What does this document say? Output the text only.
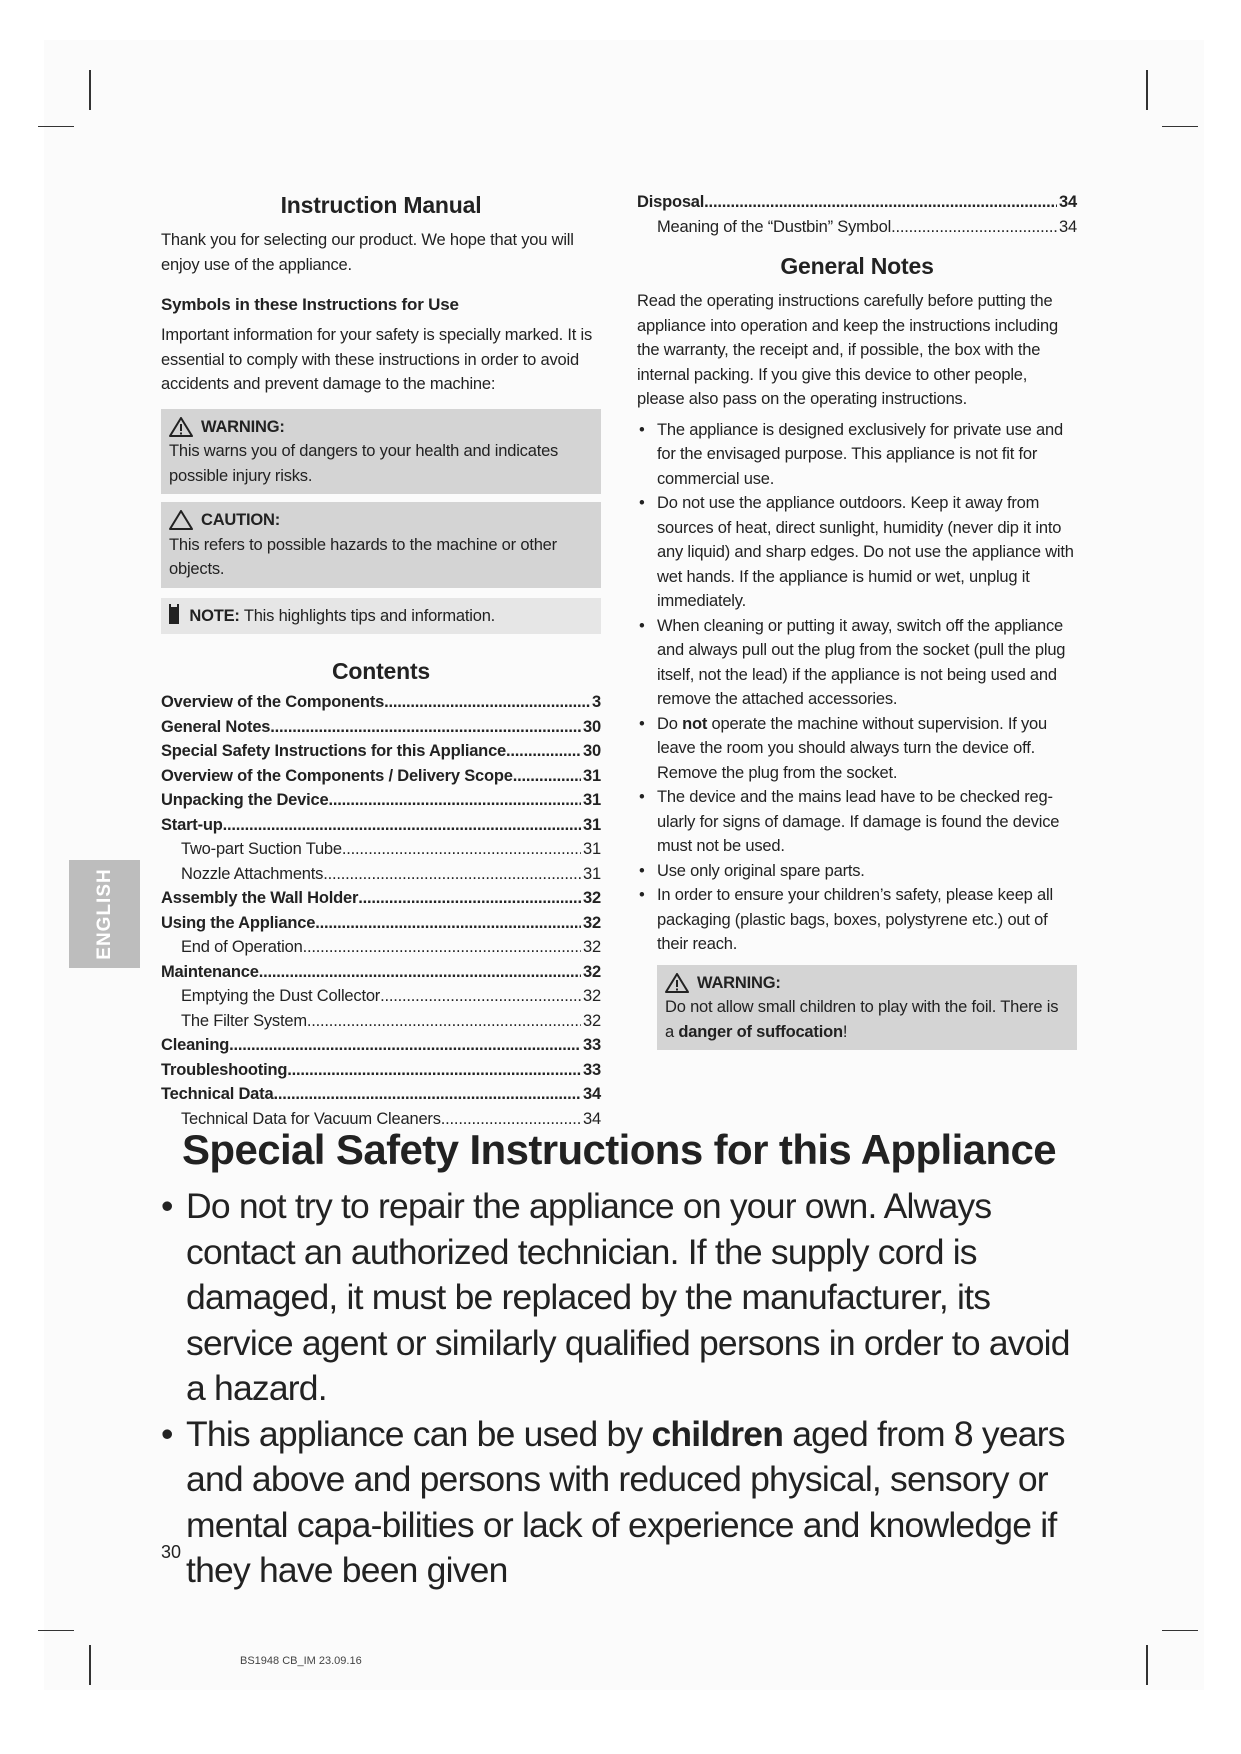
ENGLISH
Instruction Manual

Thank you for selecting our product. We hope that you will enjoy use of the appliance.

Symbols in these Instructions for Use

Important information for your safety is specially marked. It is essential to comply with these instructions in order to avoid accidents and prevent damage to the machine:

WARNING:

This warns you of dangers to your health and indicates possible injury risks.

CAUTION:

This refers to possible hazards to the machine or other objects.

NOTE: This highlights tips and information.
Contents
Overview of the Components .....	3
General Notes .....	30
Special Safety Instructions for this Appliance .....	30
Overview of the Components / Delivery Scope .....	31
Unpacking the Device .....	31
Start-up .....	31
Two-part Suction Tube .....	31
Nozzle Attachments .....	31
Assembly the Wall Holder .....	32
Using the Appliance .....	32
End of Operation .....	32
Maintenance .....	32
Emptying the Dust Collector .....	32
The Filter System .....	32
Cleaning .....	33
Troubleshooting .....	33
Technical Data .....	34
Technical Data for Vacuum Cleaners .....	34
Disposal .....	34
Meaning of the “Dustbin” Symbol .....	34
General Notes

Read the operating instructions carefully before putting the appliance into operation and keep the instructions including the warranty, the receipt and, if possible, the box with the internal packing. If you give this device to other people, please also pass on the operating instructions.

• The appliance is designed exclusively for private use and for the envisaged purpose. This appliance is not fit for commercial use.
• Do not use the appliance outdoors. Keep it away from sources of heat, direct sunlight, humidity (never dip it into any liquid) and sharp edges. Do not use the appliance with wet hands. If the appliance is humid or wet, unplug it immediately.
• When cleaning or putting it away, switch off the appliance and always pull out the plug from the socket (pull the plug itself, not the lead) if the appliance is not being used and remove the attached accessories.
• Do not operate the machine without supervision. If you leave the room you should always turn the device off. Remove the plug from the socket.
• The device and the mains lead have to be checked reg-ularly for signs of damage. If damage is found the device must not be used.
• Use only original spare parts.
• In order to ensure your children’s safety, please keep all packaging (plastic bags, boxes, polystyrene etc.) out of their reach.
WARNING:

Do not allow small children to play with the foil. There is a danger of suffocation!

Special Safety Instructions for this Appliance
• Do not try to repair the appliance on your own. Always contact an authorized technician. If the supply cord is damaged, it must be replaced by the manufacturer, its service agent or similarly qualified persons in order to avoid a hazard.
• This appliance can be used by children aged from 8 years and above and persons with reduced physical, sensory or mental capa-bilities or lack of experience and knowledge if they have been given
30
BS1948 CB_IM 23.09.16
